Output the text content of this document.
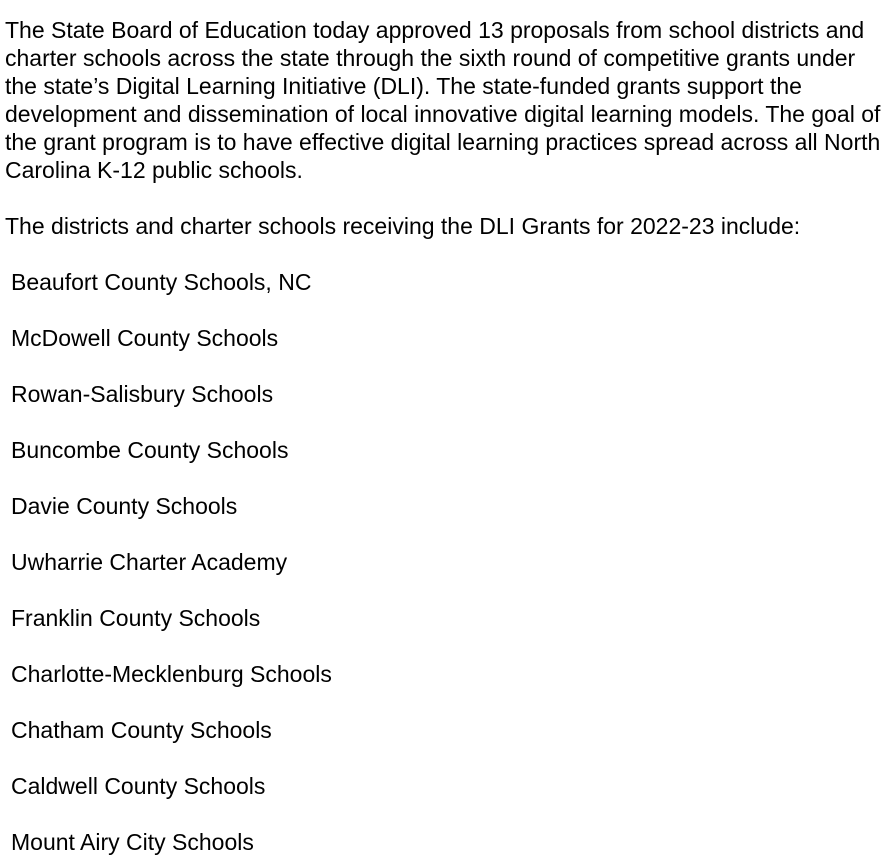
The State Board of Education today approved 13 proposals from school districts and charter schools across the state through the sixth round of competitive grants under the state’s Digital Learning Initiative (DLI). The state-funded grants support the development and dissemination of local innovative digital learning models. The goal of the grant program is to have effective digital learning practices spread across all North Carolina K-12 public schools.

The districts and charter schools receiving the DLI Grants for 2022-23 include:

Beaufort County Schools, NC
McDowell County Schools
Rowan-Salisbury Schools
Buncombe County Schools
Davie County Schools
Uwharrie Charter Academy
Franklin County Schools
Charlotte-Mecklenburg Schools
Chatham County Schools
Caldwell County Schools
Mount Airy City Schools
